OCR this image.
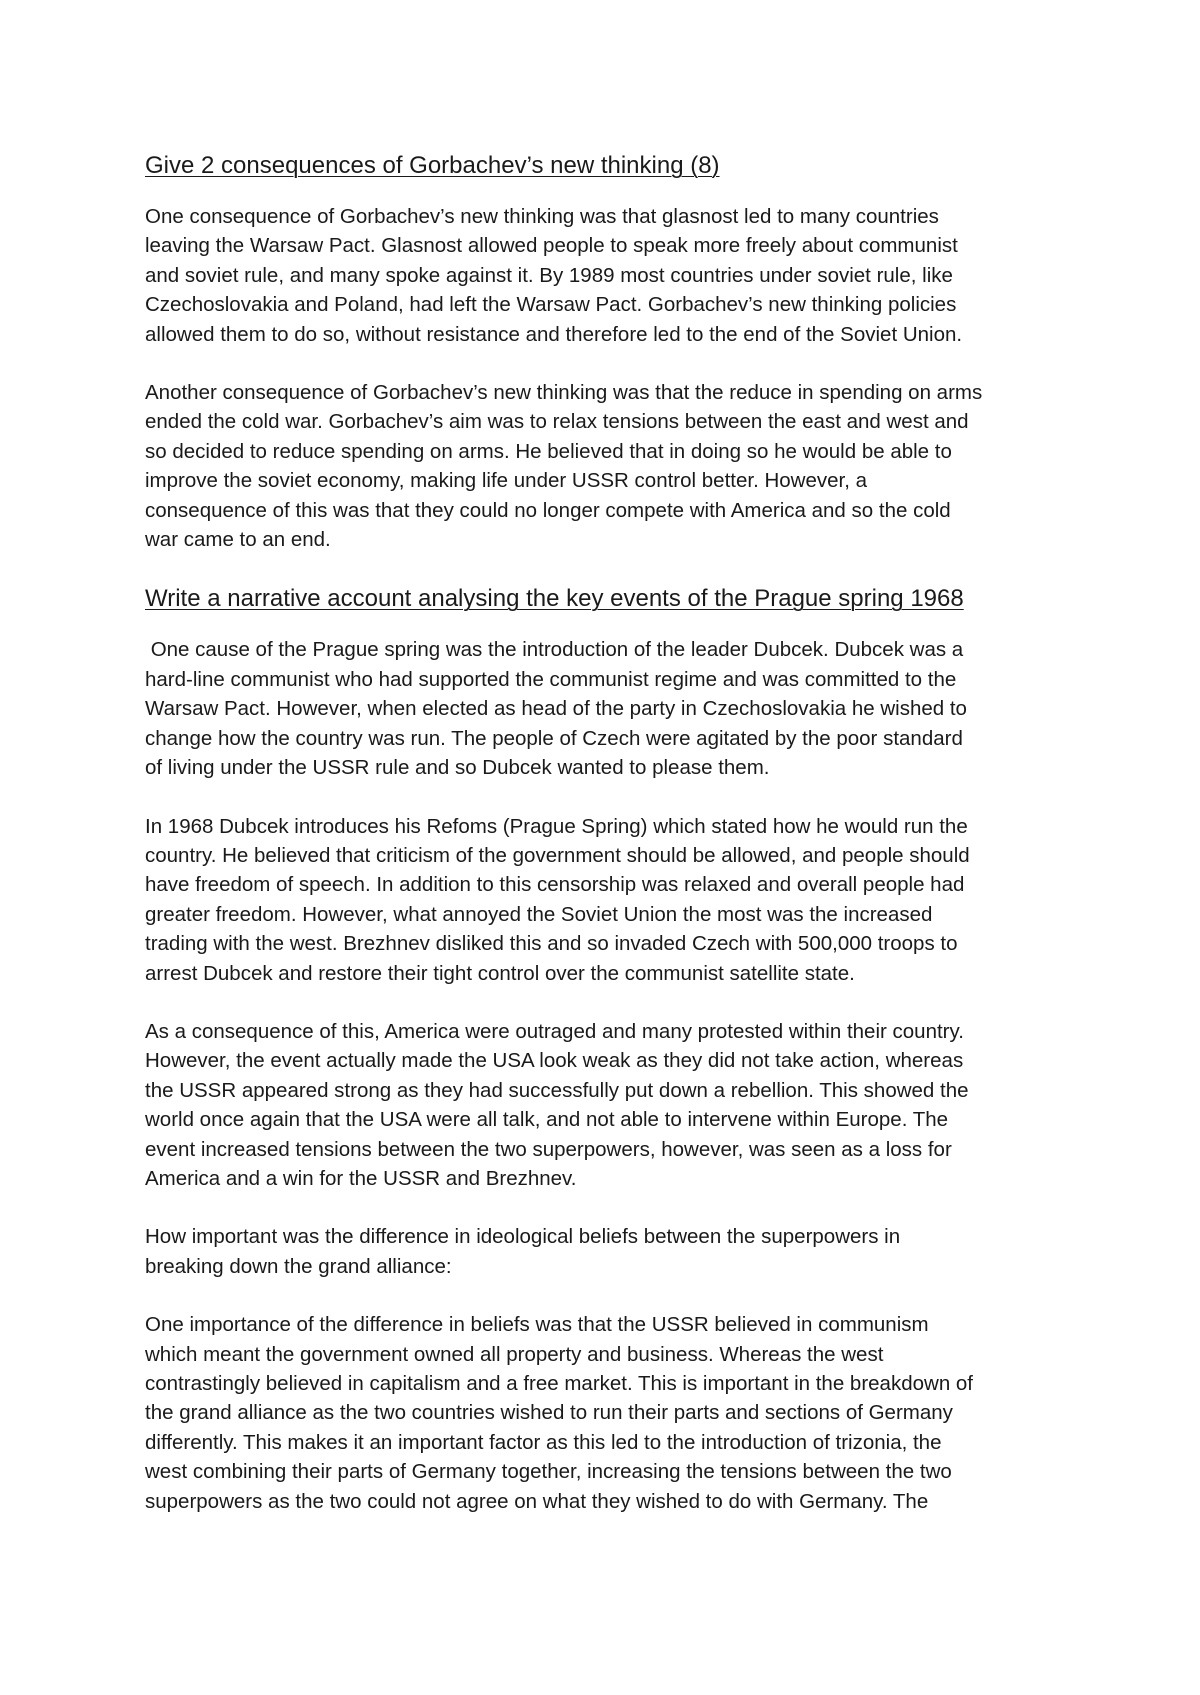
Give 2 consequences of Gorbachev’s new thinking (8)

One consequence of Gorbachev’s new thinking was that glasnost led to many countries
leaving the Warsaw Pact. Glasnost allowed people to speak more freely about communist
and soviet rule, and many spoke against it. By 1989 most countries under soviet rule, like
Czechoslovakia and Poland, had left the Warsaw Pact. Gorbachev’s new thinking policies
allowed them to do so, without resistance and therefore led to the end of the Soviet Union.

Another consequence of Gorbachev’s new thinking was that the reduce in spending on arms
ended the cold war. Gorbachev’s aim was to relax tensions between the east and west and
so decided to reduce spending on arms. He believed that in doing so he would be able to
improve the soviet economy, making life under USSR control better. However, a
consequence of this was that they could no longer compete with America and so the cold
war came to an end.

Write a narrative account analysing the key events of the Prague spring 1968

One cause of the Prague spring was the introduction of the leader Dubcek. Dubcek was a
hard-line communist who had supported the communist regime and was committed to the
Warsaw Pact. However, when elected as head of the party in Czechoslovakia he wished to
change how the country was run. The people of Czech were agitated by the poor standard
of living under the USSR rule and so Dubcek wanted to please them.

In 1968 Dubcek introduces his Refoms (Prague Spring) which stated how he would run the
country. He believed that criticism of the government should be allowed, and people should
have freedom of speech. In addition to this censorship was relaxed and overall people had
greater freedom. However, what annoyed the Soviet Union the most was the increased
trading with the west. Brezhnev disliked this and so invaded Czech with 500,000 troops to
arrest Dubcek and restore their tight control over the communist satellite state.

As a consequence of this, America were outraged and many protested within their country.
However, the event actually made the USA look weak as they did not take action, whereas
the USSR appeared strong as they had successfully put down a rebellion. This showed the
world once again that the USA were all talk, and not able to intervene within Europe. The
event increased tensions between the two superpowers, however, was seen as a loss for
America and a win for the USSR and Brezhnev.

How important was the difference in ideological beliefs between the superpowers in
breaking down the grand alliance:

One importance of the difference in beliefs was that the USSR believed in communism
which meant the government owned all property and business. Whereas the west
contrastingly believed in capitalism and a free market. This is important in the breakdown of
the grand alliance as the two countries wished to run their parts and sections of Germany
differently. This makes it an important factor as this led to the introduction of trizonia, the
west combining their parts of Germany together, increasing the tensions between the two
superpowers as the two could not agree on what they wished to do with Germany. The
